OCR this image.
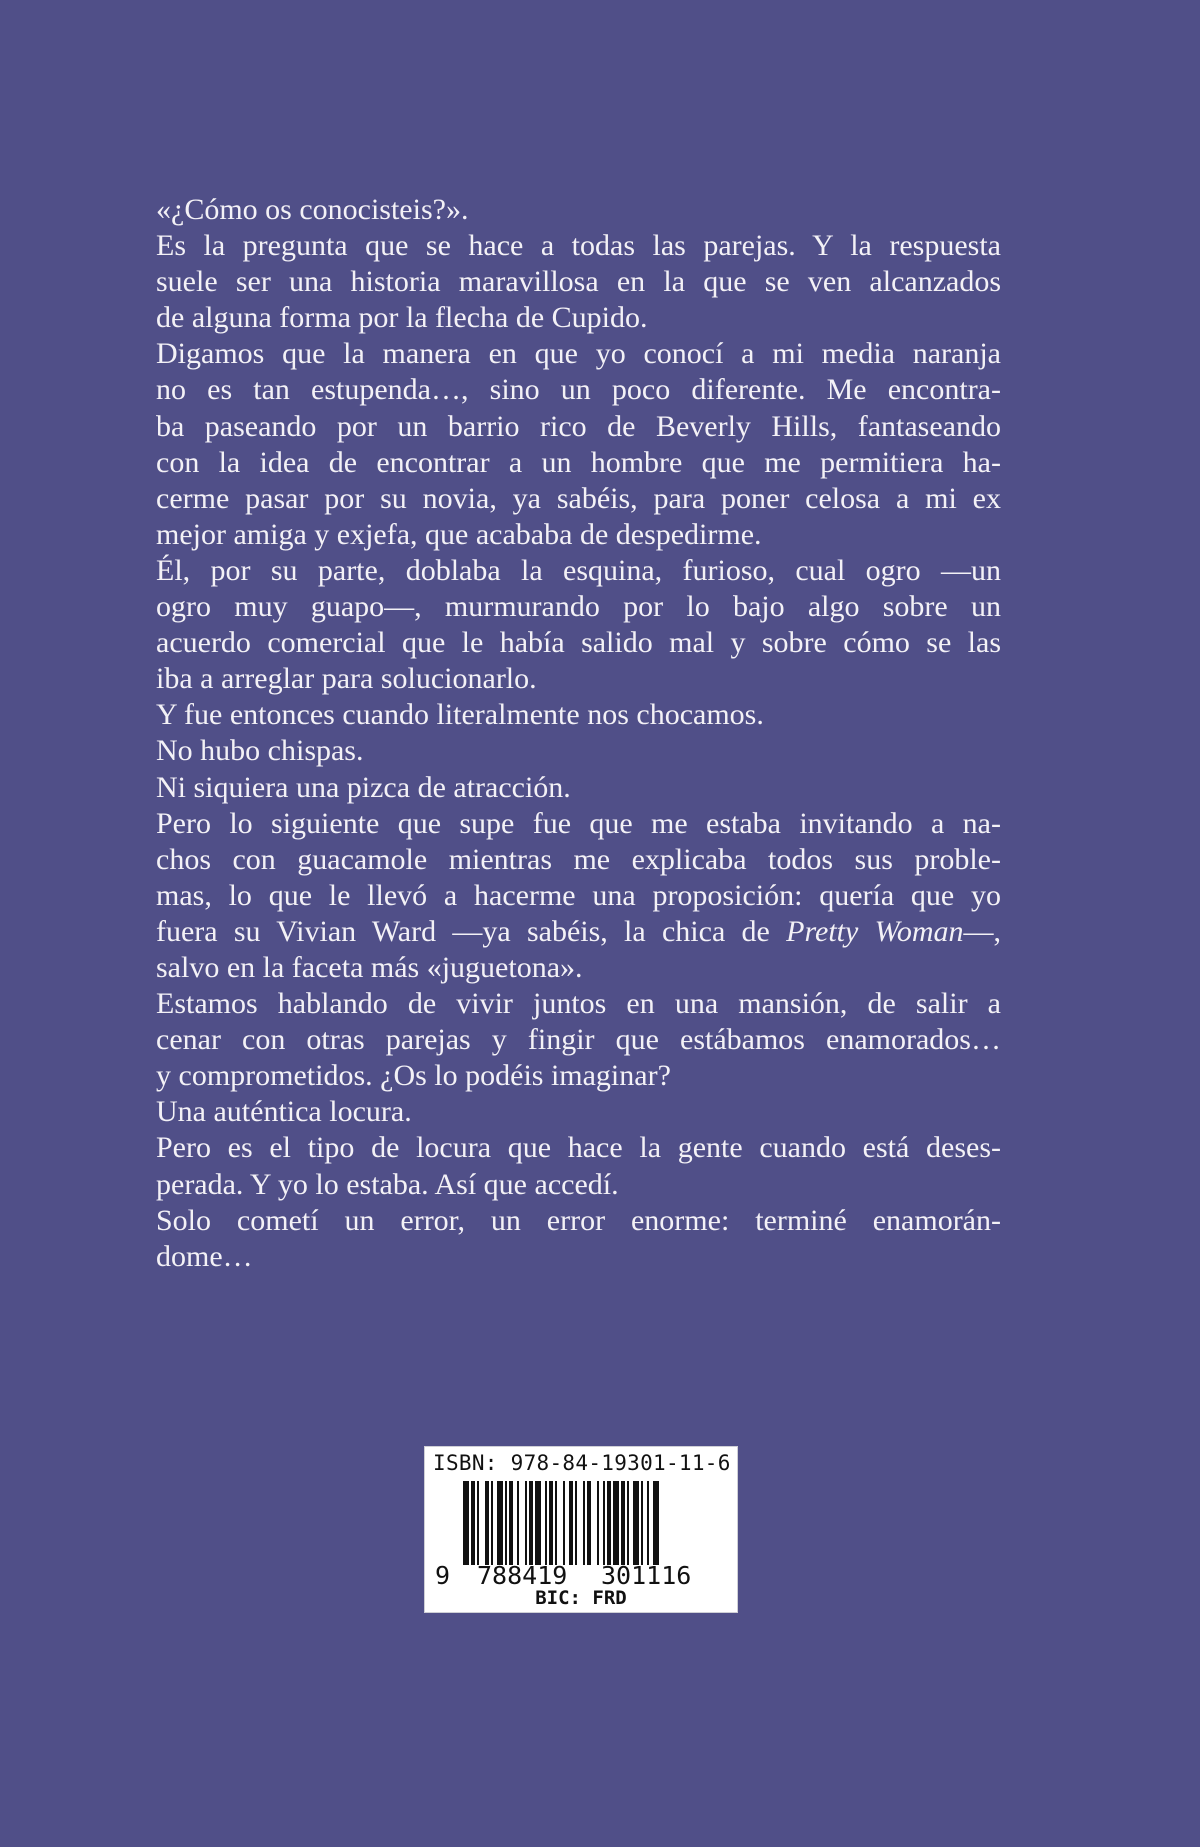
«¿Cómo os conocisteis?».
Es la pregunta que se hace a todas las parejas. Y la respuesta
suele ser una historia maravillosa en la que se ven alcanzados
de alguna forma por la flecha de Cupido.
Digamos que la manera en que yo conocí a mi media naranja
no es tan estupenda…, sino un poco diferente. Me encontra-
ba paseando por un barrio rico de Beverly Hills, fantaseando
con la idea de encontrar a un hombre que me permitiera ha-
cerme pasar por su novia, ya sabéis, para poner celosa a mi ex
mejor amiga y exjefa, que acababa de despedirme.
Él, por su parte, doblaba la esquina, furioso, cual ogro —un
ogro muy guapo—, murmurando por lo bajo algo sobre un
acuerdo comercial que le había salido mal y sobre cómo se las
iba a arreglar para solucionarlo.
Y fue entonces cuando literalmente nos chocamos.
No hubo chispas.
Ni siquiera una pizca de atracción.
Pero lo siguiente que supe fue que me estaba invitando a na-
chos con guacamole mientras me explicaba todos sus proble-
mas, lo que le llevó a hacerme una proposición: quería que yo
fuera su Vivian Ward —ya sabéis, la chica de Pretty Woman—,
salvo en la faceta más «juguetona».
Estamos hablando de vivir juntos en una mansión, de salir a
cenar con otras parejas y fingir que estábamos enamorados…
y comprometidos. ¿Os lo podéis imaginar?
Una auténtica locura.
Pero es el tipo de locura que hace la gente cuando está deses-
perada. Y yo lo estaba. Así que accedí.
Solo cometí un error, un error enorme: terminé enamorán-
dome…
ISBN: 978-84-19301-11-6
9 788419 301116
BIC: FRD
